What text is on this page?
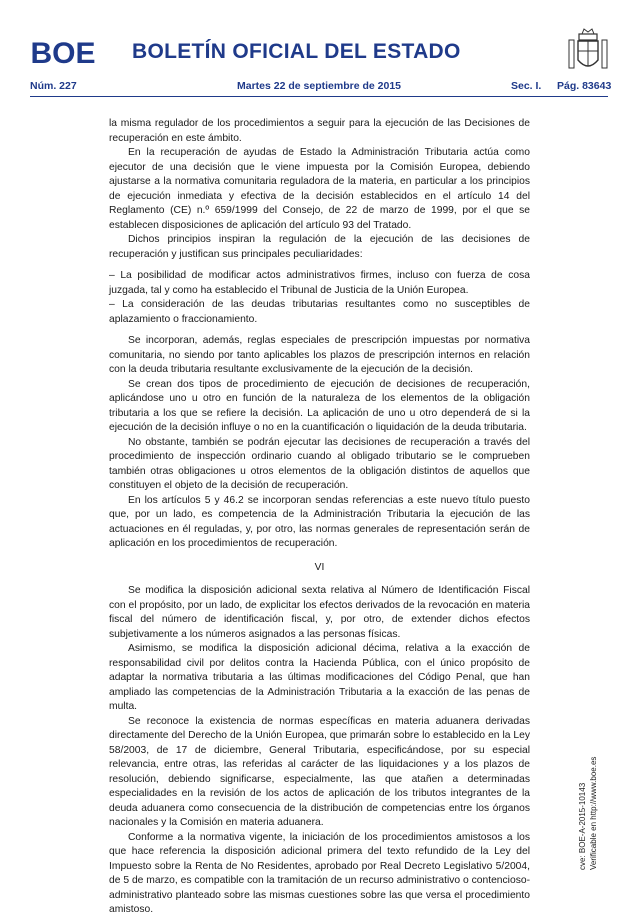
BOE BOLETÍN OFICIAL DEL ESTADO
Núm. 227	Martes 22 de septiembre de 2015	Sec. I. Pág. 83643

la misma regulador de los procedimientos a seguir para la ejecución de las Decisiones de recuperación en este ámbito.

En la recuperación de ayudas de Estado la Administración Tributaria actúa como ejecutor de una decisión que le viene impuesta por la Comisión Europea, debiendo ajustarse a la normativa comunitaria reguladora de la materia, en particular a los principios de ejecución inmediata y efectiva de la decisión establecidos en el artículo 14 del Reglamento (CE) n.º 659/1999 del Consejo, de 22 de marzo de 1999, por el que se establecen disposiciones de aplicación del artículo 93 del Tratado.

Dichos principios inspiran la regulación de la ejecución de las decisiones de recuperación y justifican sus principales peculiaridades:

– La posibilidad de modificar actos administrativos firmes, incluso con fuerza de cosa juzgada, tal y como ha establecido el Tribunal de Justicia de la Unión Europea.

– La consideración de las deudas tributarias resultantes como no susceptibles de aplazamiento o fraccionamiento.

Se incorporan, además, reglas especiales de prescripción impuestas por normativa comunitaria, no siendo por tanto aplicables los plazos de prescripción internos en relación con la deuda tributaria resultante exclusivamente de la ejecución de la decisión.

Se crean dos tipos de procedimiento de ejecución de decisiones de recuperación, aplicándose uno u otro en función de la naturaleza de los elementos de la obligación tributaria a los que se refiere la decisión. La aplicación de uno u otro dependerá de si la ejecución de la decisión influye o no en la cuantificación o liquidación de la deuda tributaria.

No obstante, también se podrán ejecutar las decisiones de recuperación a través del procedimiento de inspección ordinario cuando al obligado tributario se le comprueben también otras obligaciones u otros elementos de la obligación distintos de aquellos que constituyen el objeto de la decisión de recuperación.

En los artículos 5 y 46.2 se incorporan sendas referencias a este nuevo título puesto que, por un lado, es competencia de la Administración Tributaria la ejecución de las actuaciones en él reguladas, y, por otro, las normas generales de representación serán de aplicación en los procedimientos de recuperación.

VI

Se modifica la disposición adicional sexta relativa al Número de Identificación Fiscal con el propósito, por un lado, de explicitar los efectos derivados de la revocación en materia fiscal del número de identificación fiscal, y, por otro, de extender dichos efectos subjetivamente a los números asignados a las personas físicas.

Asimismo, se modifica la disposición adicional décima, relativa a la exacción de responsabilidad civil por delitos contra la Hacienda Pública, con el único propósito de adaptar la normativa tributaria a las últimas modificaciones del Código Penal, que han ampliado las competencias de la Administración Tributaria a la exacción de las penas de multa.

Se reconoce la existencia de normas específicas en materia aduanera derivadas directamente del Derecho de la Unión Europea, que primarán sobre lo establecido en la Ley 58/2003, de 17 de diciembre, General Tributaria, especificándose, por su especial relevancia, entre otras, las referidas al carácter de las liquidaciones y a los plazos de resolución, debiendo significarse, especialmente, las que atañen a determinadas especialidades en la revisión de los actos de aplicación de los tributos integrantes de la deuda aduanera como consecuencia de la distribución de competencias entre los órganos nacionales y la Comisión en materia aduanera.

Conforme a la normativa vigente, la iniciación de los procedimientos amistosos a los que hace referencia la disposición adicional primera del texto refundido de la Ley del Impuesto sobre la Renta de No Residentes, aprobado por Real Decreto Legislativo 5/2004, de 5 de marzo, es compatible con la tramitación de un recurso administrativo o contencioso-administrativo planteado sobre las mismas cuestiones sobre las que versa el procedimiento amistoso.

cve: BOE-A-2015-10143 Verificable en http://www.boe.es
